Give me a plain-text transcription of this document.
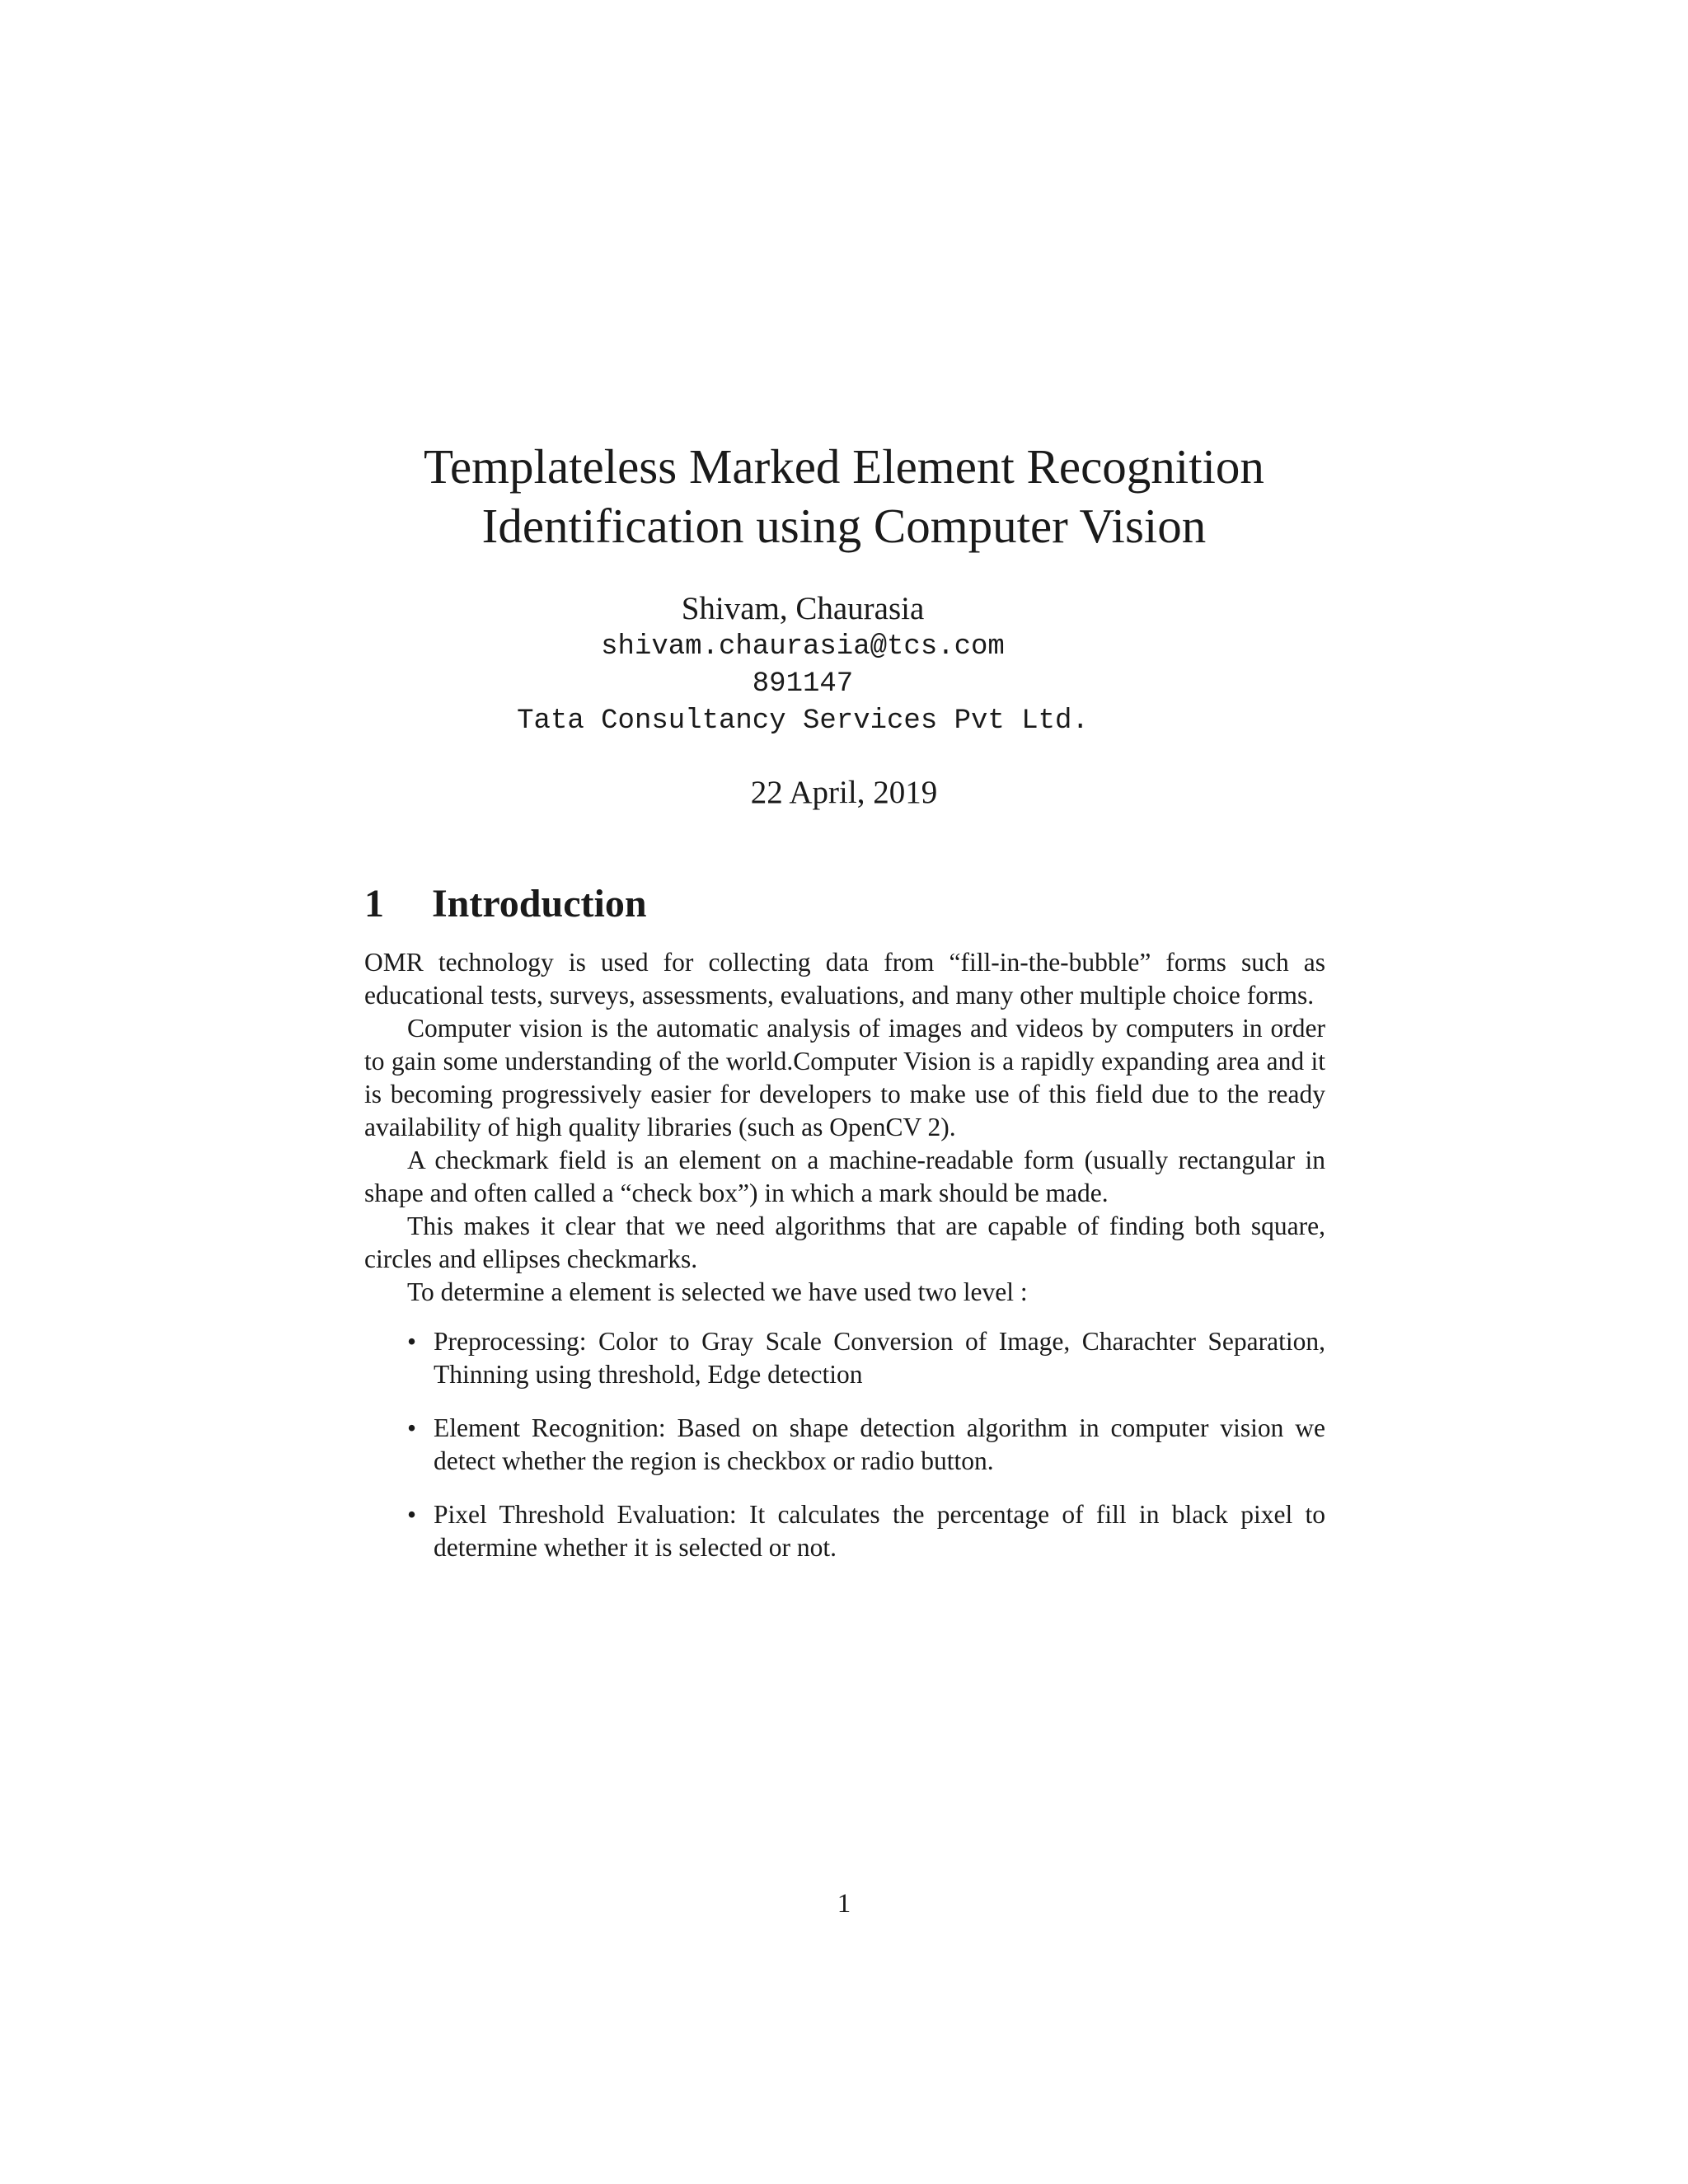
Templateless Marked Element Recognition
Identification using Computer Vision
Shivam, Chaurasia
shivam.chaurasia@tcs.com
891147
Tata Consultancy Services Pvt Ltd.
22 April, 2019
1 Introduction

OMR technology is used for collecting data from “fill-in-the-bubble” forms such as educational tests, surveys, assessments, evaluations, and many other multiple choice forms.

Computer vision is the automatic analysis of images and videos by computers in order to gain some understanding of the world.Computer Vision is a rapidly expanding area and it is becoming progressively easier for developers to make use of this field due to the ready availability of high quality libraries (such as OpenCV 2).

A checkmark field is an element on a machine-readable form (usually rectangular in shape and often called a “check box”) in which a mark should be made.

This makes it clear that we need algorithms that are capable of finding both square, circles and ellipses checkmarks.

To determine a element is selected we have used two level :

• Preprocessing: Color to Gray Scale Conversion of Image, Charachter Separation, Thinning using threshold, Edge detection
• Element Recognition: Based on shape detection algorithm in computer vision we detect whether the region is checkbox or radio button.
• Pixel Threshold Evaluation: It calculates the percentage of fill in black pixel to determine whether it is selected or not.
1
